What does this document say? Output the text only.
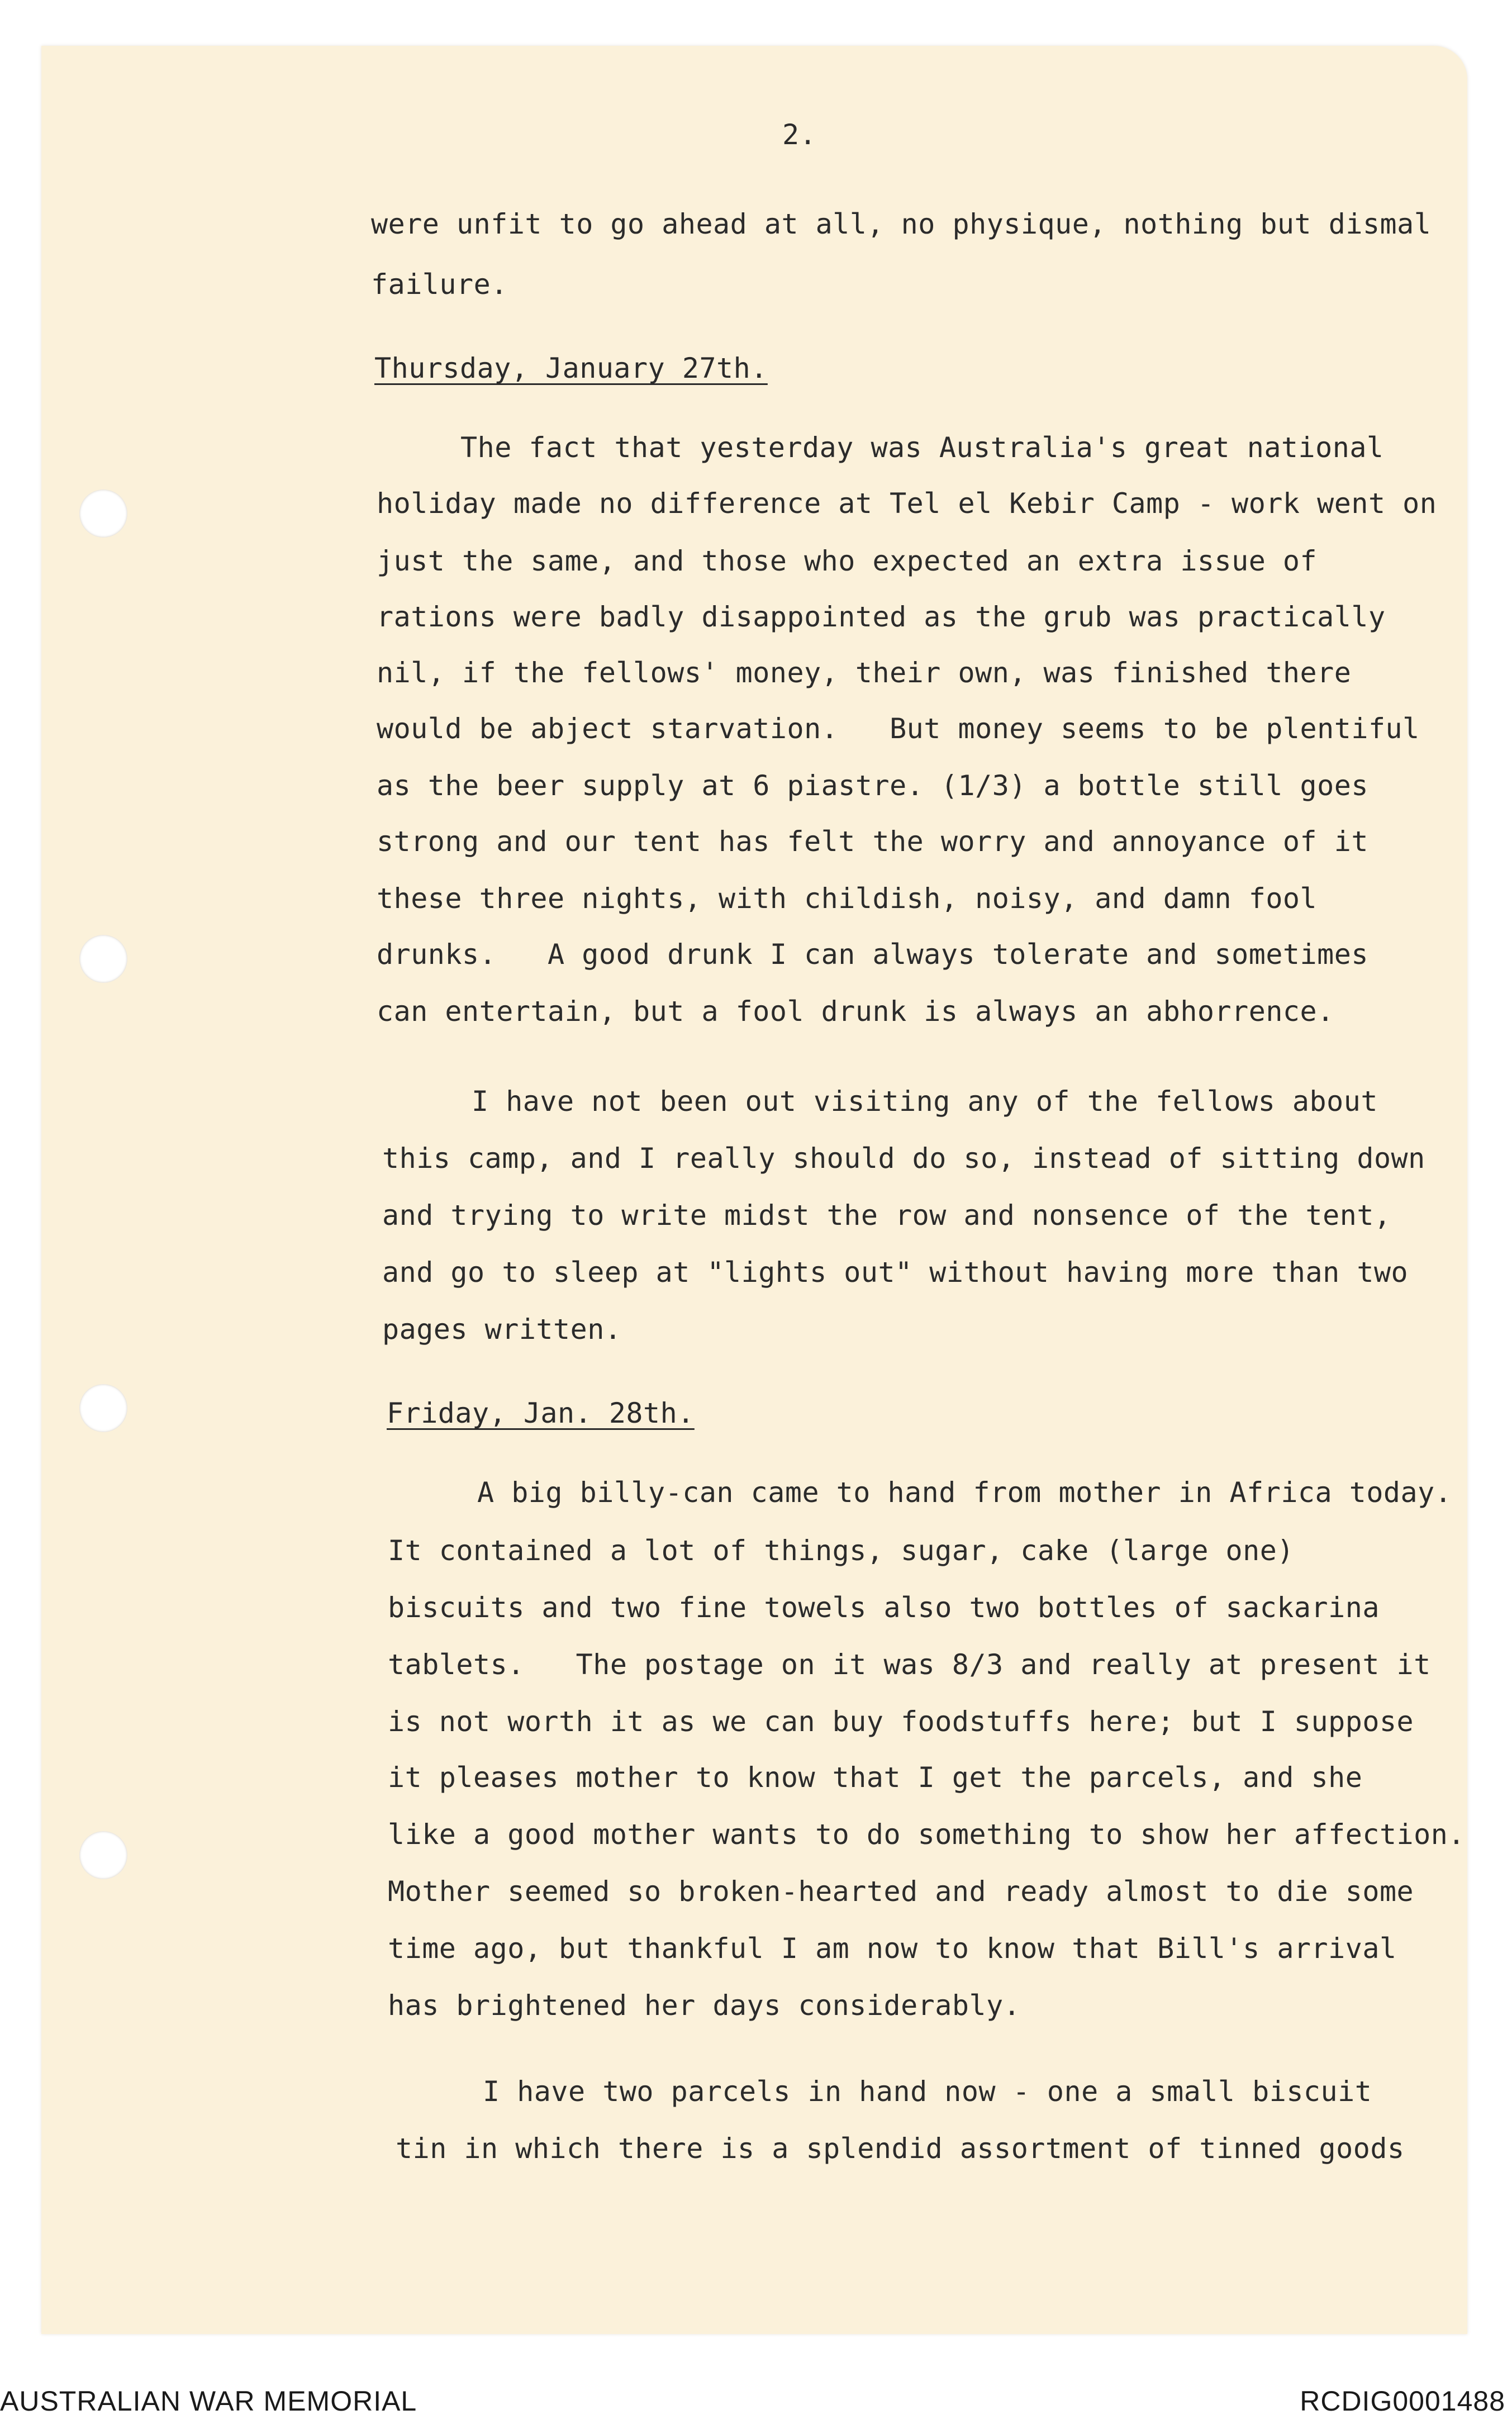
2.

were unfit to go ahead at all, no physique, nothing but dismal

failure.

Thursday, January 27th.

The fact that yesterday was Australia's great national

holiday made no difference at Tel el Kebir Camp - work went on

just the same, and those who expected an extra issue of

rations were badly disappointed as the grub was practically

nil, if the fellows' money, their own, was finished there

would be abject starvation.   But money seems to be plentiful

as the beer supply at 6 piastre. (1/3) a bottle still goes

strong and our tent has felt the worry and annoyance of it

these three nights, with childish, noisy, and damn fool

drunks.   A good drunk I can always tolerate and sometimes

can entertain, but a fool drunk is always an abhorrence.

I have not been out visiting any of the fellows about

this camp, and I really should do so, instead of sitting down

and trying to write midst the row and nonsence of the tent,

and go to sleep at "lights out" without having more than two

pages written.

Friday, Jan. 28th.

A big billy-can came to hand from mother in Africa today.

It contained a lot of things, sugar, cake (large one)

biscuits and two fine towels also two bottles of sackarina

tablets.   The postage on it was 8/3 and really at present it

is not worth it as we can buy foodstuffs here; but I suppose

it pleases mother to know that I get the parcels, and she

like a good mother wants to do something to show her affection.

Mother seemed so broken-hearted and ready almost to die some

time ago, but thankful I am now to know that Bill's arrival

has brightened her days considerably.

I have two parcels in hand now - one a small biscuit

tin in which there is a splendid assortment of tinned goods

AUSTRALIAN WAR MEMORIAL	RCDIG0001488
